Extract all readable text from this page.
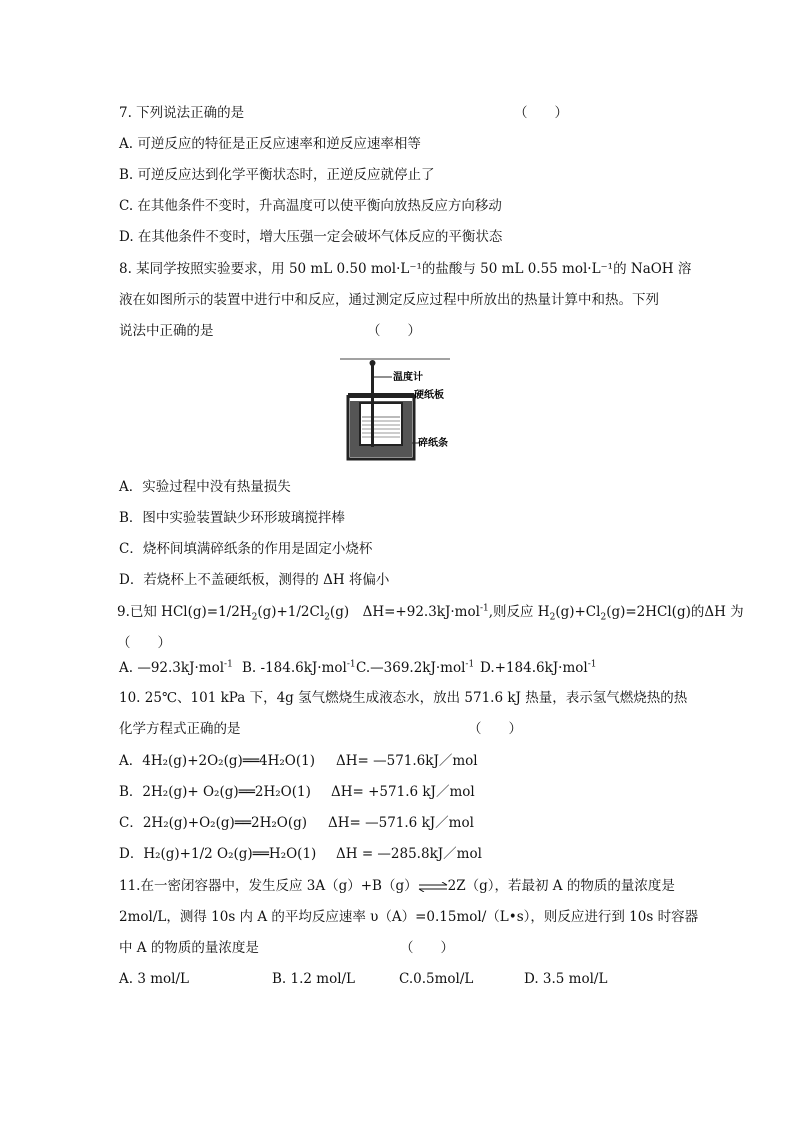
7. 下列说法正确的是	（　　）
A. 可逆反应的特征是正反应速率和逆反应速率相等
B. 可逆反应达到化学平衡状态时，正逆反应就停止了
C. 在其他条件不变时，升高温度可以使平衡向放热反应方向移动
D. 在其他条件不变时，增大压强一定会破坏气体反应的平衡状态
8. 某同学按照实验要求，用 50 mL 0.50 mol·L⁻¹的盐酸与 50 mL 0.55 mol·L⁻¹的 NaOH 溶
液在如图所示的装置中进行中和反应，通过测定反应过程中所放出的热量计算中和热。下列
说法中正确的是	（　　）
温度计
硬纸板
碎纸条
A．实验过程中没有热量损失
B．图中实验装置缺少环形玻璃搅拌棒
C．烧杯间填满碎纸条的作用是固定小烧杯
D．若烧杯上不盖硬纸板，测得的 ΔH 将偏小
9.已知 $HCl(g)=1/2H_2(g)+1/2Cl_2(g)$　ΔH=+92.3kJ·mol$^{-1}$,则反应 $H_2(g)+Cl_2(g)=2HCl(g)$的ΔH 为
（　　）
A. —92.3kJ·mol$^{-1}$ B. -184.6kJ·mol$^{-1}$ C.—369.2kJ·mol$^{-1}$ D.+184.6kJ·mol$^{-1}$
10. 25℃、101 kPa 下，4g 氢气燃烧生成液态水，放出 571.6 kJ 热量，表示氢气燃烧热的热
化学方程式正确的是	（　　）
A．4H₂(g)+2O₂(g)══4H₂O(1) ΔH= —571.6kJ／mol
B．2H₂(g)+ O₂(g)══2H₂O(1) ΔH= +571.6 kJ／mol
C．2H₂(g)+O₂(g)══2H₂O(g) ΔH= —571.6 kJ／mol
D．H₂(g)+1/2 O₂(g)══H₂O(1) ΔH = —285.8kJ／mol
11.在一密闭容器中，发生反应 3A（g）+B（g）⇌2Z（g），若最初 A 的物质的量浓度是
2mol/L，测得 10s 内 A 的平均反应速率 υ（A）=0.15mol/（L•s），则反应进行到 10s 时容器
中 A 的物质的量浓度是	（　　）
A. 3 mol/L	B. 1.2 mol/L	C.0.5mol/L	D. 3.5 mol/L
